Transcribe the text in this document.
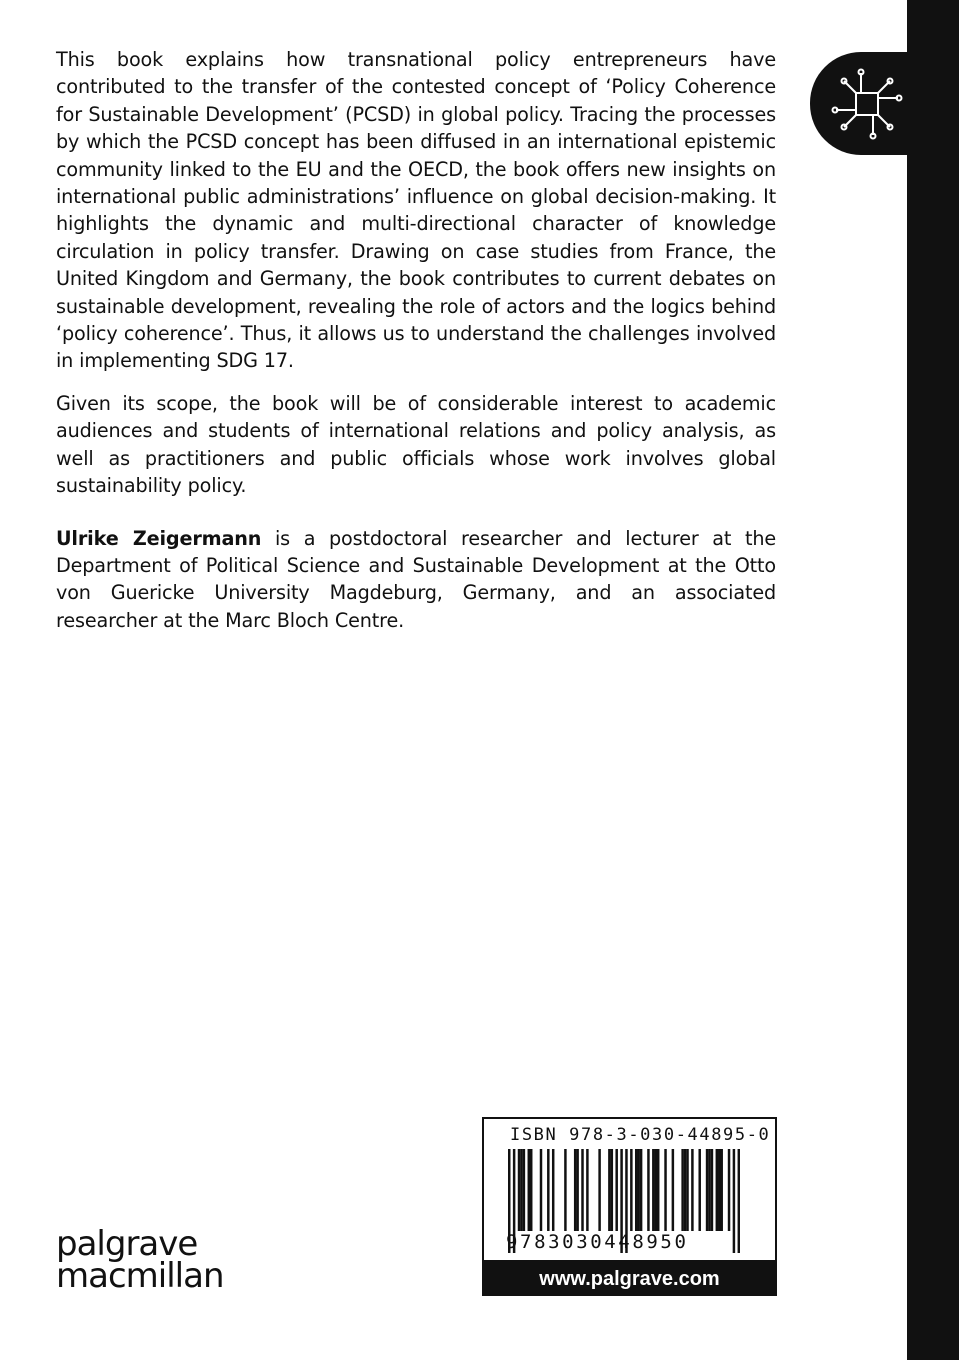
This book explains how transnational policy entrepreneurs have contributed to the transfer of the contested concept of ‘Policy Coherence for Sustainable Development’ (PCSD) in global policy. Tracing the processes by which the PCSD concept has been diffused in an international epistemic community linked to the EU and the OECD, the book offers new insights on international public administrations’ influence on global decision-making. It highlights the dynamic and multi-directional character of knowledge circulation in policy transfer. Drawing on case studies from France, the United Kingdom and Germany, the book contributes to current debates on sustainable development, revealing the role of actors and the logics behind ‘policy coherence’. Thus, it allows us to understand the challenges involved in implementing SDG 17.

Given its scope, the book will be of considerable interest to academic audiences and students of international relations and policy analysis, as well as practitioners and public officials whose work involves global sustainability policy.

Ulrike Zeigermann is a postdoctoral researcher and lecturer at the Department of Political Science and Sustainable Development at the Otto von Guericke University Magdeburg, Germany, and an associated researcher at the Marc Bloch Centre.

palgrave
macmillan
ISBN 978-3-030-44895-0
9783030448950
www.palgrave.com
